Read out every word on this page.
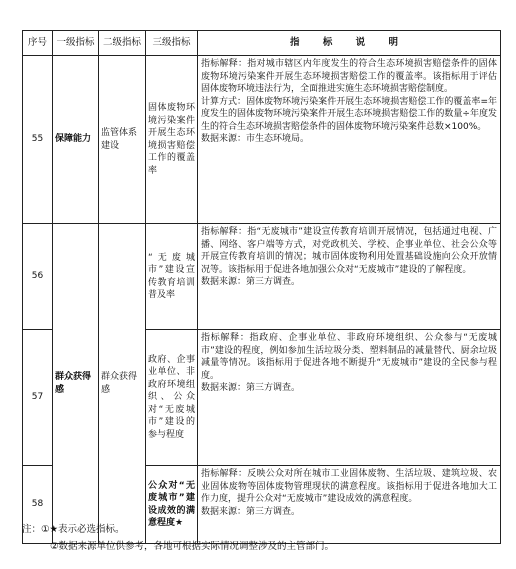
序号	一级指标	二级指标	三级指标	指 标 说 明
55	保障能力	监管体系建设	固体废物环境污染案件开展生态环境损害赔偿工作的覆盖率	指标解释：指对城市辖区内年度发生的符合生态环境损害赔偿条件的固体废物环境污染案件开展生态环境损害赔偿工作的覆盖率。该指标用于评估固体废物环境违法行为，全面推进实施生态环境损害赔偿制度。
计算方式：固体废物环境污染案件开展生态环境损害赔偿工作的覆盖率=年度发生的固体废物环境污染案件开展生态环境损害赔偿工作的数量÷年度发生的符合生态环境损害赔偿条件的固体废物环境污染案件总数×100%。
数据来源：市生态环境局。

56	群众获得感	群众获得感	“无废城市”建设宣传教育培训普及率	指标解释：指“无废城市”建设宣传教育培训开展情况，包括通过电视、广播、网络、客户端等方式，对党政机关、学校、企事业单位、社会公众等开展宣传教育培训的情况；城市固体废物利用处置基础设施向公众开放情况等。该指标用于促进各地加强公众对“无废城市”建设的了解程度。
数据来源：第三方调查。

57			政府、企事业单位、非政府环境组织、公众对“无废城市”建设的参与程度	指标解释：指政府、企事业单位、非政府环境组织、公众参与“无废城市”建设的程度，例如参加生活垃圾分类、塑料制品的减量替代、厨余垃圾减量等情况。该指标用于促进各地不断提升“无废城市”建设的全民参与程度。
数据来源：第三方调查。

58			公众对“无废城市”建设成效的满意程度★	指标解释：反映公众对所在城市工业固体废物、生活垃圾、建筑垃圾、农业固体废物等固体废物管理现状的满意程度。该指标用于促进各地加大工作力度，提升公众对“无废城市”建设成效的满意程度。
数据来源：第三方调查。
注：①★表示必选指标。
②数据来源单位供参考，各地可根据实际情况调整涉及的主管部门。
